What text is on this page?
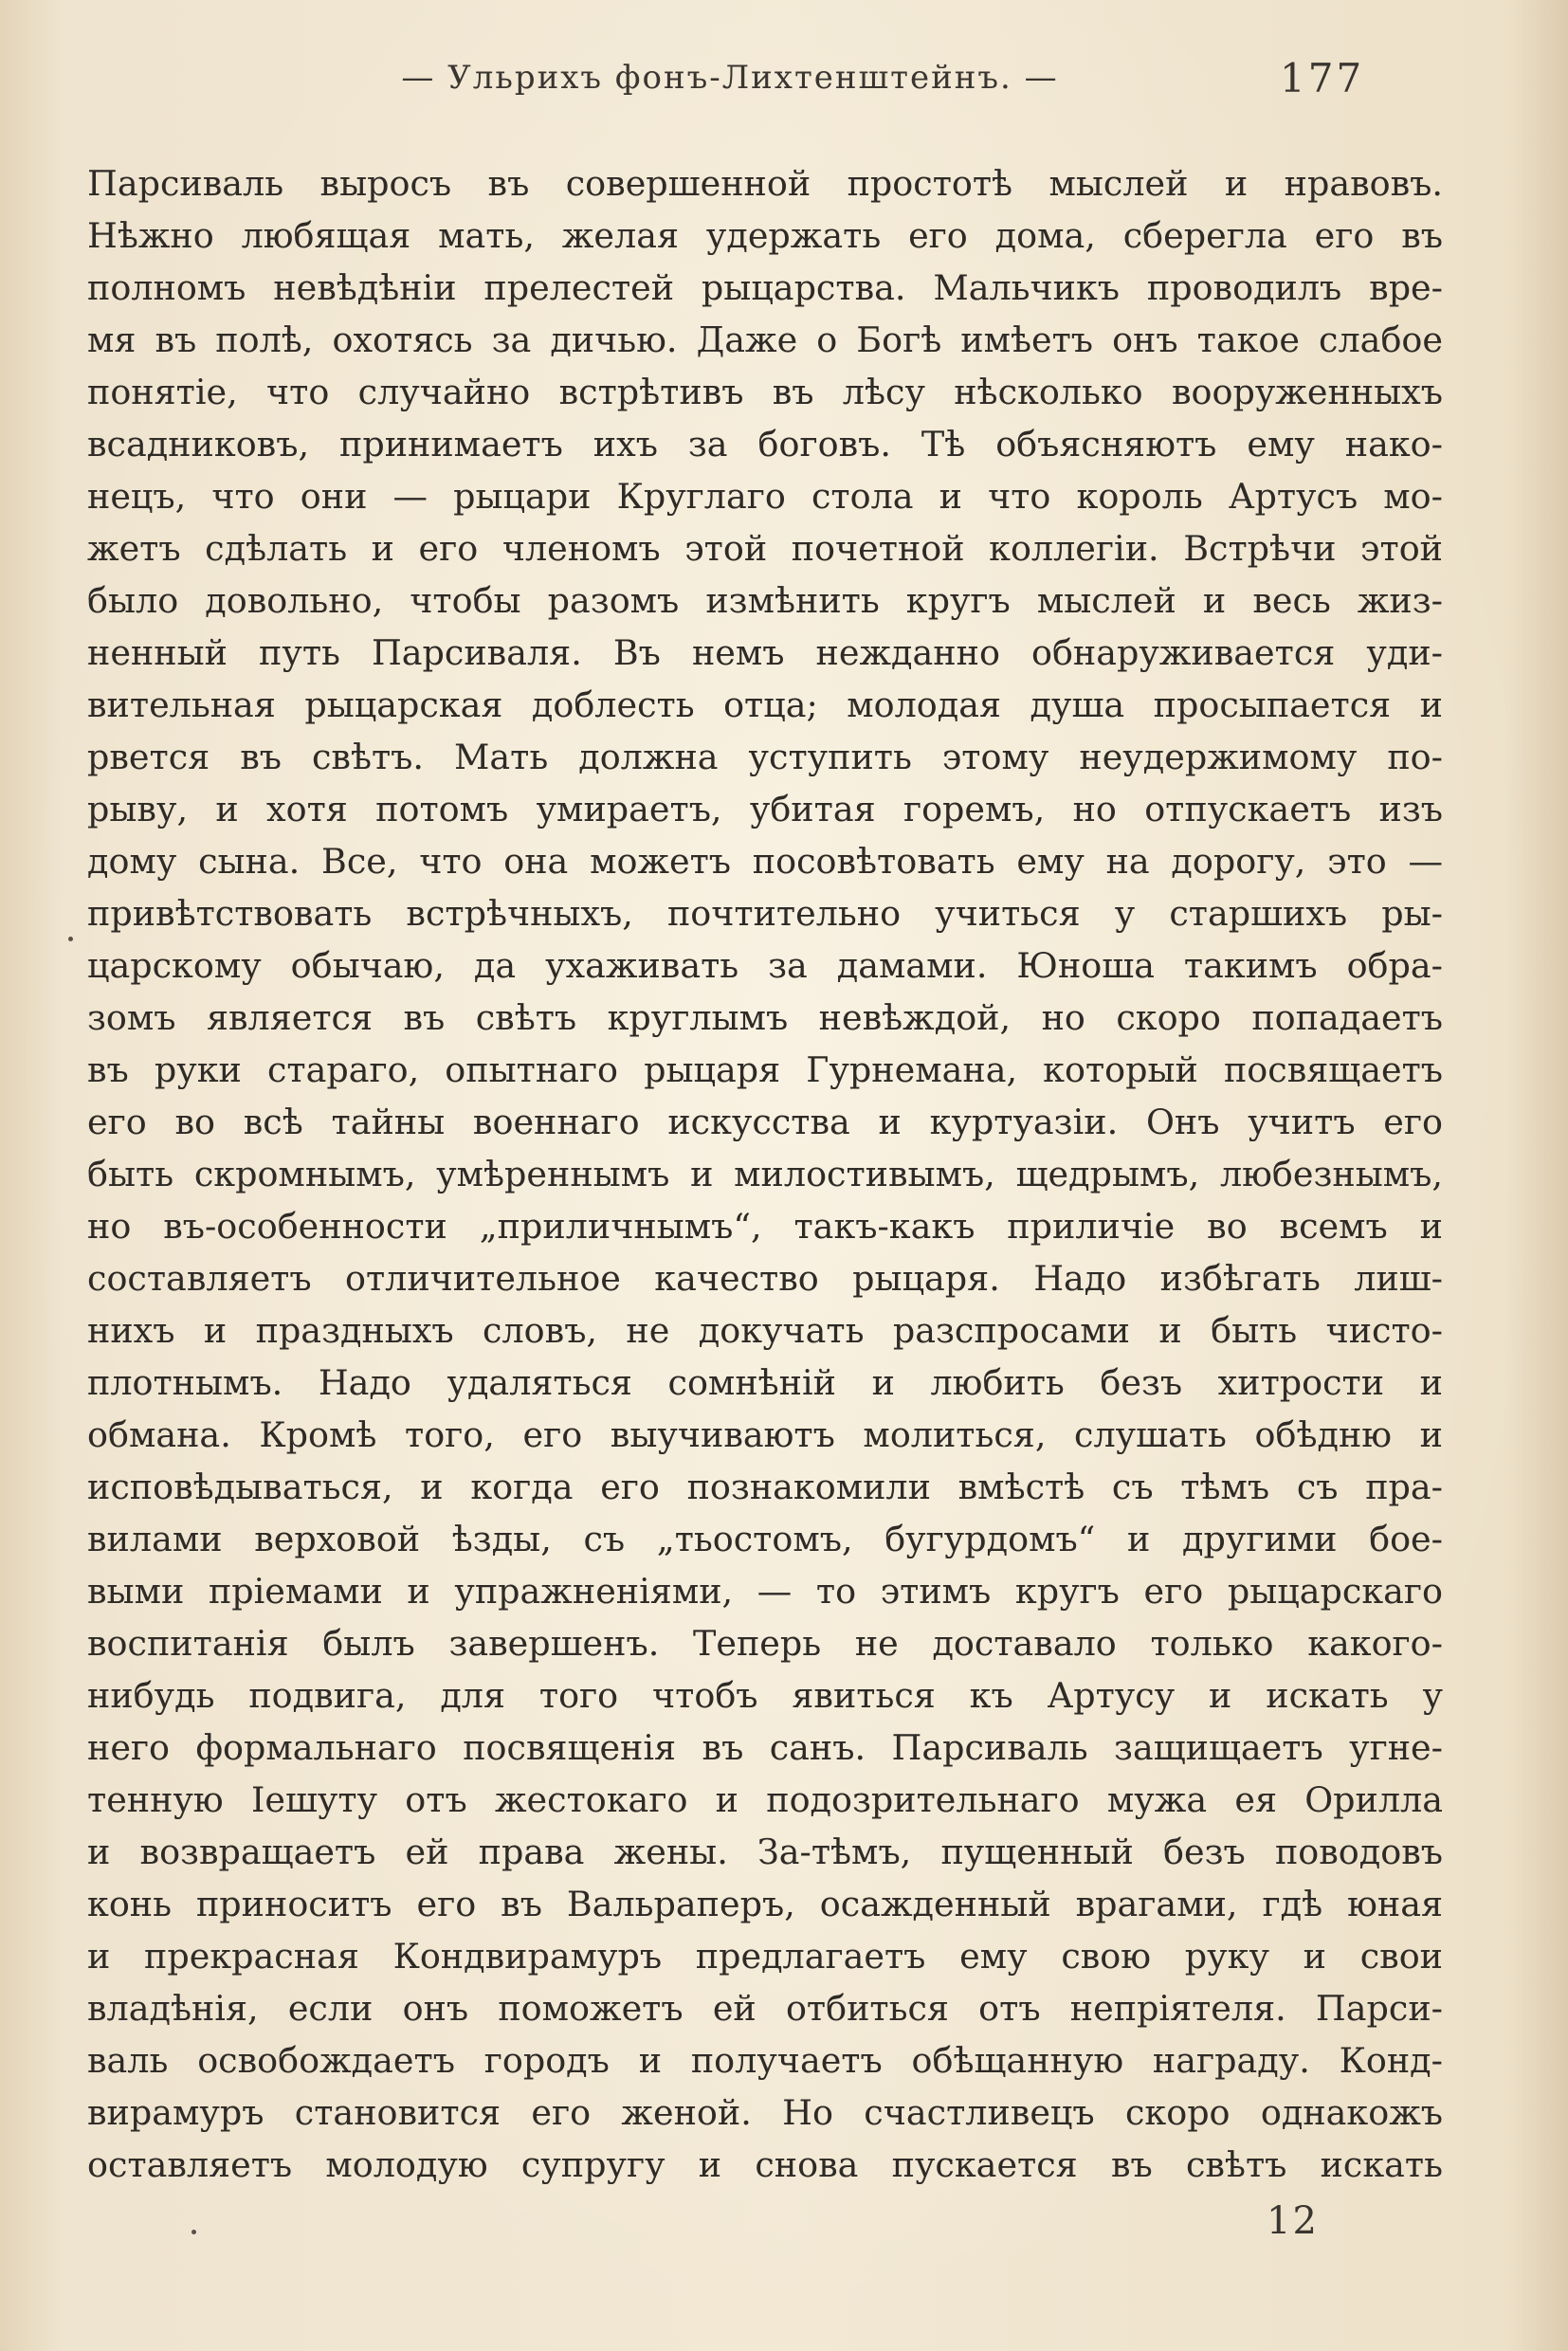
— Ульрихъ фонъ-Лихтенштейнъ. —	177
Парсиваль выросъ въ совершенной простотѣ мыслей и нравовъ.
Нѣжно любящая мать, желая удержать его дома, сберегла его въ
полномъ невѣдѣніи прелестей рыцарства. Мальчикъ проводилъ вре-
мя въ полѣ, охотясь за дичью. Даже о Богѣ имѣетъ онъ такое слабое
понятіе, что случайно встрѣтивъ въ лѣсу нѣсколько вооруженныхъ
всадниковъ, принимаетъ ихъ за боговъ. Тѣ объясняютъ ему нако-
нецъ, что они — рыцари Круглаго стола и что король Артусъ мо-
жетъ сдѣлать и его членомъ этой почетной коллегіи. Встрѣчи этой
было довольно, чтобы разомъ измѣнить кругъ мыслей и весь жиз-
ненный путь Парсиваля. Въ немъ нежданно обнаруживается уди-
вительная рыцарская доблесть отца; молодая душа просыпается и
рвется въ свѣтъ. Мать должна уступить этому неудержимому по-
рыву, и хотя потомъ умираетъ, убитая горемъ, но отпускаетъ изъ
дому сына. Все, что она можетъ посовѣтовать ему на дорогу, это —
привѣтствовать встрѣчныхъ, почтительно учиться у старшихъ ры-
царскому обычаю, да ухаживать за дамами. Юноша такимъ обра-
зомъ является въ свѣтъ круглымъ невѣждой, но скоро попадаетъ
въ руки стараго, опытнаго рыцаря Гурнемана, который посвящаетъ
его во всѣ тайны военнаго искусства и куртуазіи. Онъ учитъ его
быть скромнымъ, умѣреннымъ и милостивымъ, щедрымъ, любезнымъ,
но въ-особенности „приличнымъ“, такъ-какъ приличіе во всемъ и
составляетъ отличительное качество рыцаря. Надо избѣгать лиш-
нихъ и праздныхъ словъ, не докучать разспросами и быть чисто-
плотнымъ. Надо удаляться сомнѣній и любить безъ хитрости и
обмана. Кромѣ того, его выучиваютъ молиться, слушать обѣдню и
исповѣдываться, и когда его познакомили вмѣстѣ съ тѣмъ съ пра-
вилами верховой ѣзды, съ „тьостомъ, бугурдомъ“ и другими бое-
выми пріемами и упражненіями, — то этимъ кругъ его рыцарскаго
воспитанія былъ завершенъ. Теперь не доставало только какого-
нибудь подвига, для того чтобъ явиться къ Артусу и искать у
него формальнаго посвященія въ санъ. Парсиваль защищаетъ угне-
тенную Іешуту отъ жестокаго и подозрительнаго мужа ея Орилла
и возвращаетъ ей права жены. За-тѣмъ, пущенный безъ поводовъ
конь приноситъ его въ Вальраперъ, осажденный врагами, гдѣ юная
и прекрасная Кондвирамуръ предлагаетъ ему свою руку и свои
владѣнія, если онъ поможетъ ей отбиться отъ непріятеля. Парси-
валь освобождаетъ городъ и получаетъ обѣщанную награду. Конд-
вирамуръ становится его женой. Но счастливецъ скоро однакожъ
оставляетъ молодую супругу и снова пускается въ свѣтъ искать
12
